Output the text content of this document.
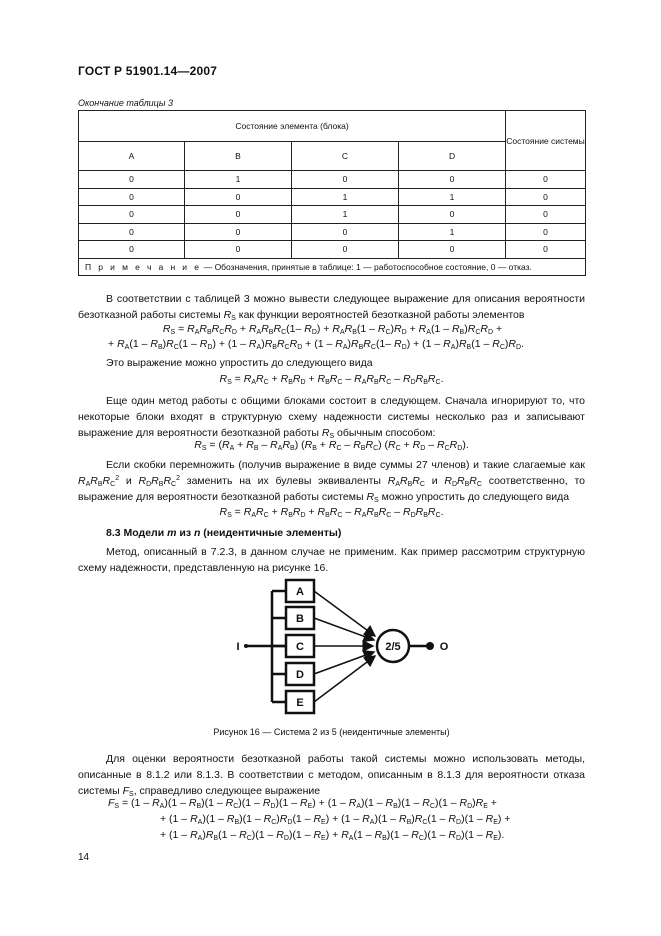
ГОСТ Р 51901.14—2007
Окончание таблицы 3
Состояние элемента (блока)				Состояние системы
A	B	C	D	
0	1	0	0	0
0	0	1	1	0
0	0	1	0	0
0	0	0	1	0
0	0	0	0	0
П р и м е ч а н и е — Обозначения, принятые в таблице: 1 — работоспособное состояние, 0 — отказ.				
В соответствии с таблицей 3 можно вывести следующее выражение для описания вероятности безотказной работы системы $R_S$ как функции вероятностей безотказной работы элементов
$R_S = R_AR_BR_CR_D + R_AR_BR_C(1-$ $R_D) + R_AR_B(1 - R_C)R_D + R_A(1 - R_B)R_CR_D$ +
+ $R_A(1 - R_B)R_C(1 - R_D) + (1 - R_A)R_BR_CR_D + (1 - R_A)R_BR_C(1-$ $R_D) + (1 - R_A)R_B(1 - R_C)R_D$.
Это выражение можно упростить до следующего вида
$R_S = R_AR_C + R_BR_D + R_BR_C - R_AR_BR_C - R_DR_BR_C$.
Еще один метод работы с общими блоками состоит в следующем. Сначала игнорируют то, что некоторые блоки входят в структурную схему надежности системы несколько раз и записывают выражение для вероятности безотказной работы $R_S$ обычным способом:
$R_S = (R_A + R_B - R_AR_B) (R_B + R_C - R_BR_C) (R_C + R_D - R_CR_D)$.
Если скобки перемножить (получив выражение в виде суммы 27 членов) и такие слагаемые как $R_AR_BR_C^2$ и $R_DR_BR_C^2$ заменить на их булевы эквиваленты $R_AR_BR_C$ и $R_DR_BR_C$ соответственно, то выражение для вероятности безотказной работы системы $R_S$ можно упростить до следующего вида
$R_S = R_AR_C + R_BR_D + R_BR_C - R_AR_BR_C - R_DR_BR_C$.
8.3 Модели m из n (неидентичные элементы)
Метод, описанный в 7.2.3, в данном случае не применим. Как пример рассмотрим структурную схему надежности, представленную на рисунке 16.
A
B
C
D
E
2/5
I	O
Рисунок 16 — Система 2 из 5 (неидентичные элементы)
Для оценки вероятности безотказной работы такой системы можно использовать методы, описанные в 8.1.2 или 8.1.3. В соответствии с методом, описанным в 8.1.3 для вероятности отказа системы $F_S$, справедливо следующее выражение
$F_S = (1 - R_A)(1 - R_B)(1 - R_C)(1 - R_D)(1 - R_E) + (1 - R_A)(1 - R_B)(1 - R_C)(1 - R_D)R_E$ +
+ $(1 - R_A)(1 - R_B)(1 - R_C)R_D(1 - R_E) + (1 - R_A)(1 - R_B)R_C(1 - R_D)(1 - R_E)$ +
+ $(1 - R_A)R_B(1 - R_C)(1 - R_D)(1 - R_E) + R_A(1 - R_B)(1 - R_C)(1 - R_D)(1 - R_E)$.
14
